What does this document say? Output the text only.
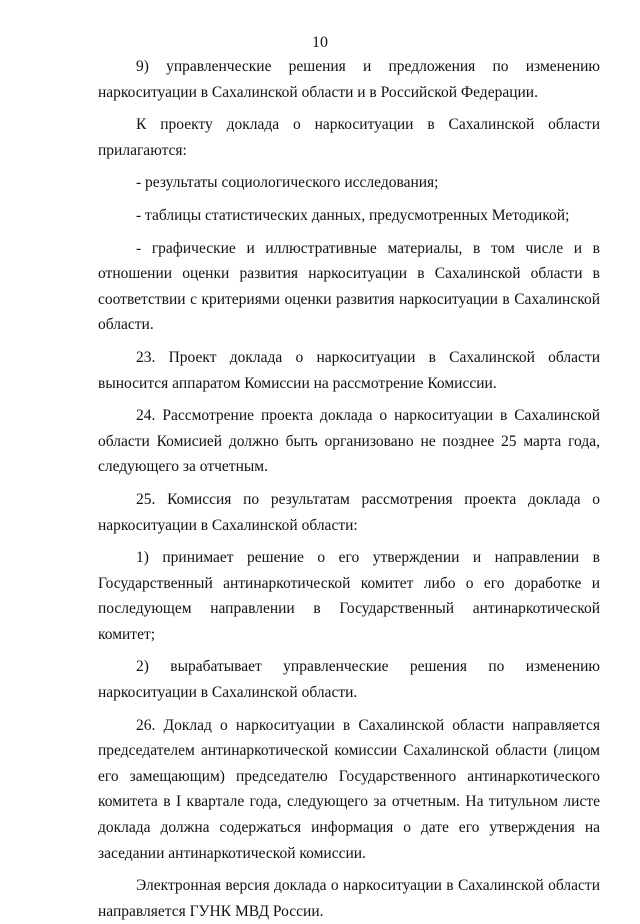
10

9) управленческие решения и предложения по изменению наркоситуации в Сахалинской области и в Российской Федерации.

К проекту доклада о наркоситуации в Сахалинской области прилагаются:

- результаты социологического исследования;

- таблицы статистических данных, предусмотренных Методикой;

- графические и иллюстративные материалы, в том числе и в отношении оценки развития наркоситуации в Сахалинской области в соответствии с критериями оценки развития наркоситуации в Сахалинской области.

23. Проект доклада о наркоситуации в Сахалинской области выносится аппаратом Комиссии на рассмотрение Комиссии.

24. Рассмотрение проекта доклада о наркоситуации в Сахалинской области Комисией должно быть организовано не позднее 25 марта года, следующего за отчетным.

25. Комиссия по результатам рассмотрения проекта доклада о наркоситуации в Сахалинской области:

1) принимает решение о его утверждении и направлении в Государственный антинаркотической комитет либо о его доработке и последующем направлении в Государственный антинаркотической комитет;

2) вырабатывает управленческие решения по изменению наркоситуации в Сахалинской области.

26. Доклад о наркоситуации в Сахалинской области направляется председателем антинаркотической комиссии Сахалинской области (лицом его замещающим) председателю Государственного антинаркотического комитета в I квартале года, следующего за отчетным. На титульном листе доклада должна содержаться информация о дате его утверждения на заседании антинаркотической комиссии.

Электронная версия доклада о наркоситуации в Сахалинской области направляется ГУНК МВД России.
